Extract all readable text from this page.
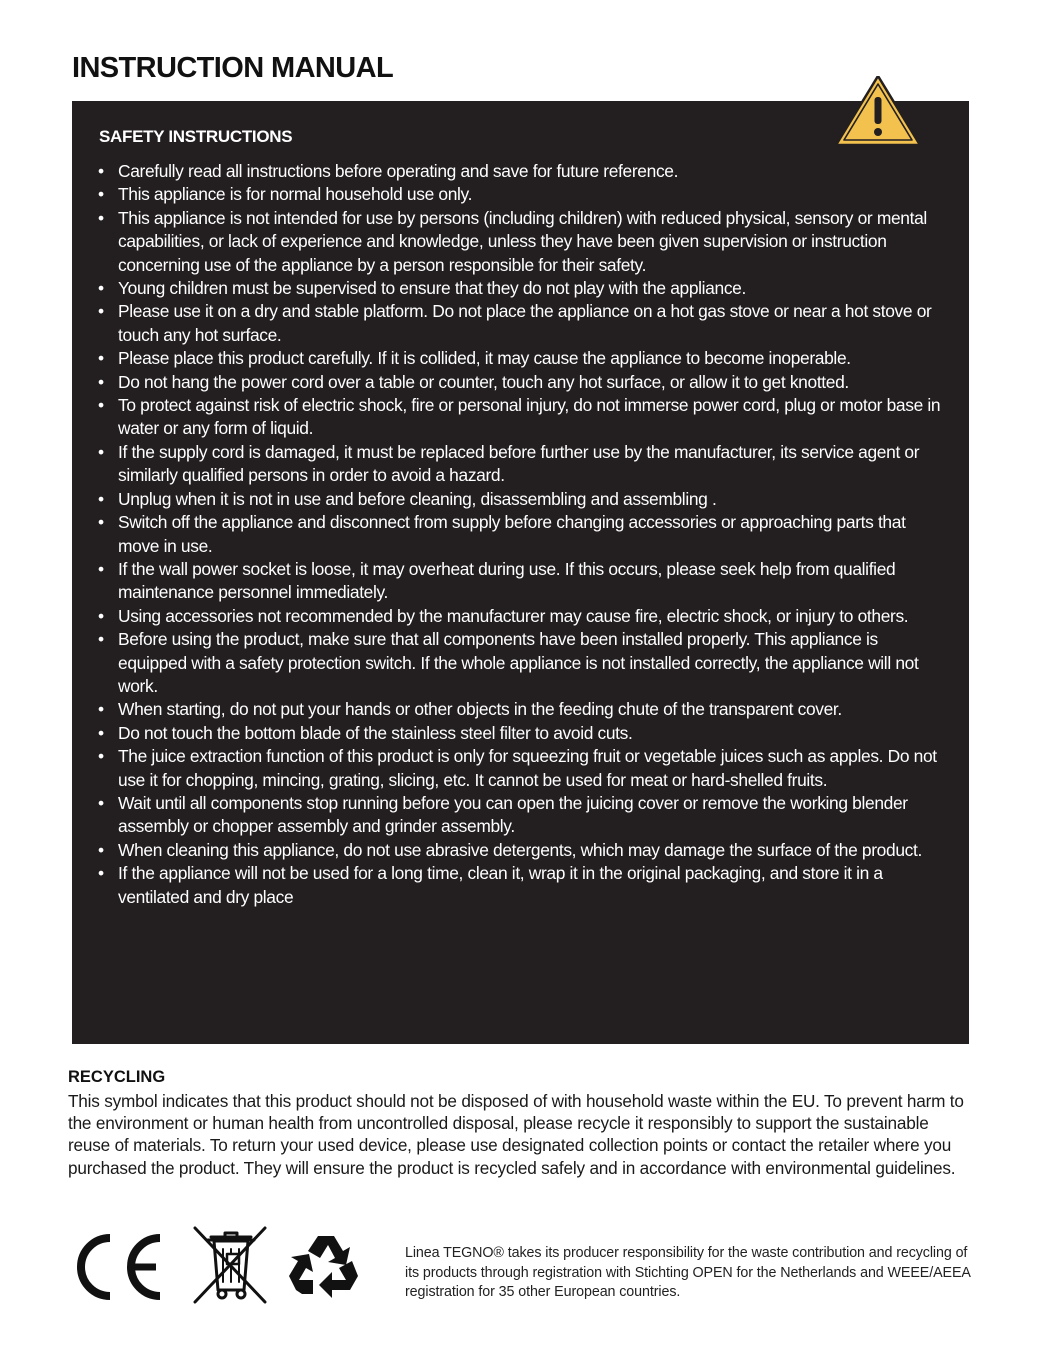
INSTRUCTION MANUAL
SAFETY INSTRUCTIONS
• Carefully read all instructions before operating and save for future reference.
• This appliance is for normal household use only.
• This appliance is not intended for use by persons (including children) with reduced physical, sensory or mental capabilities, or lack of experience and knowledge, unless they have been given supervision or instruction concerning use of the appliance by a person responsible for their safety.
• Young children must be supervised to ensure that they do not play with the appliance.
• Please use it on a dry and stable platform. Do not place the appliance on a hot gas stove or near a hot stove or touch any hot surface.
• Please place this product carefully. If it is collided, it may cause the appliance to become inoperable.
• Do not hang the power cord over a table or counter, touch any hot surface, or allow it to get knotted.
• To protect against risk of electric shock, fire or personal injury, do not immerse power cord, plug or motor base in water or any form of liquid.
• If the supply cord is damaged, it must be replaced before further use by the manufacturer, its service agent or similarly qualified persons in order to avoid a hazard.
• Unplug when it is not in use and before cleaning, disassembling and assembling .
• Switch off the appliance and disconnect from supply before changing accessories or approaching parts that move in use.
• If the wall power socket is loose, it may overheat during use. If this occurs, please seek help from qualified maintenance personnel immediately.
• Using accessories not recommended by the manufacturer may cause fire, electric shock, or injury to others.
• Before using the product, make sure that all components have been installed properly. This appliance is equipped with a safety protection switch. If the whole appliance is not installed correctly, the appliance will not work.
• When starting, do not put your hands or other objects in the feeding chute of the transparent cover.
• Do not touch the bottom blade of the stainless steel filter to avoid cuts.
• The juice extraction function of this product is only for squeezing fruit or vegetable juices such as apples. Do not use it for chopping, mincing, grating, slicing, etc. It cannot be used for meat or hard-shelled fruits.
• Wait until all components stop running before you can open the juicing cover or remove the working blender assembly or chopper assembly and grinder assembly.
• When cleaning this appliance, do not use abrasive detergents, which may damage the surface of the product.
• If the appliance will not be used for a long time, clean it, wrap it in the original packaging, and store it in a ventilated and dry place
RECYCLING

This symbol indicates that this product should not be disposed of with household waste within the EU. To prevent harm to the environment or human health from uncontrolled disposal, please recycle it responsibly to support the sustainable reuse of materials. To return your used device, please use designated collection points or contact the retailer where you purchased the product. They will ensure the product is recycled safely and in accordance with environmental guidelines.

Linea TEGNO® takes its producer responsibility for the waste contribution and recycling of its products through registration with Stichting OPEN for the Netherlands and WEEE/AEEA registration for 35 other European countries.
